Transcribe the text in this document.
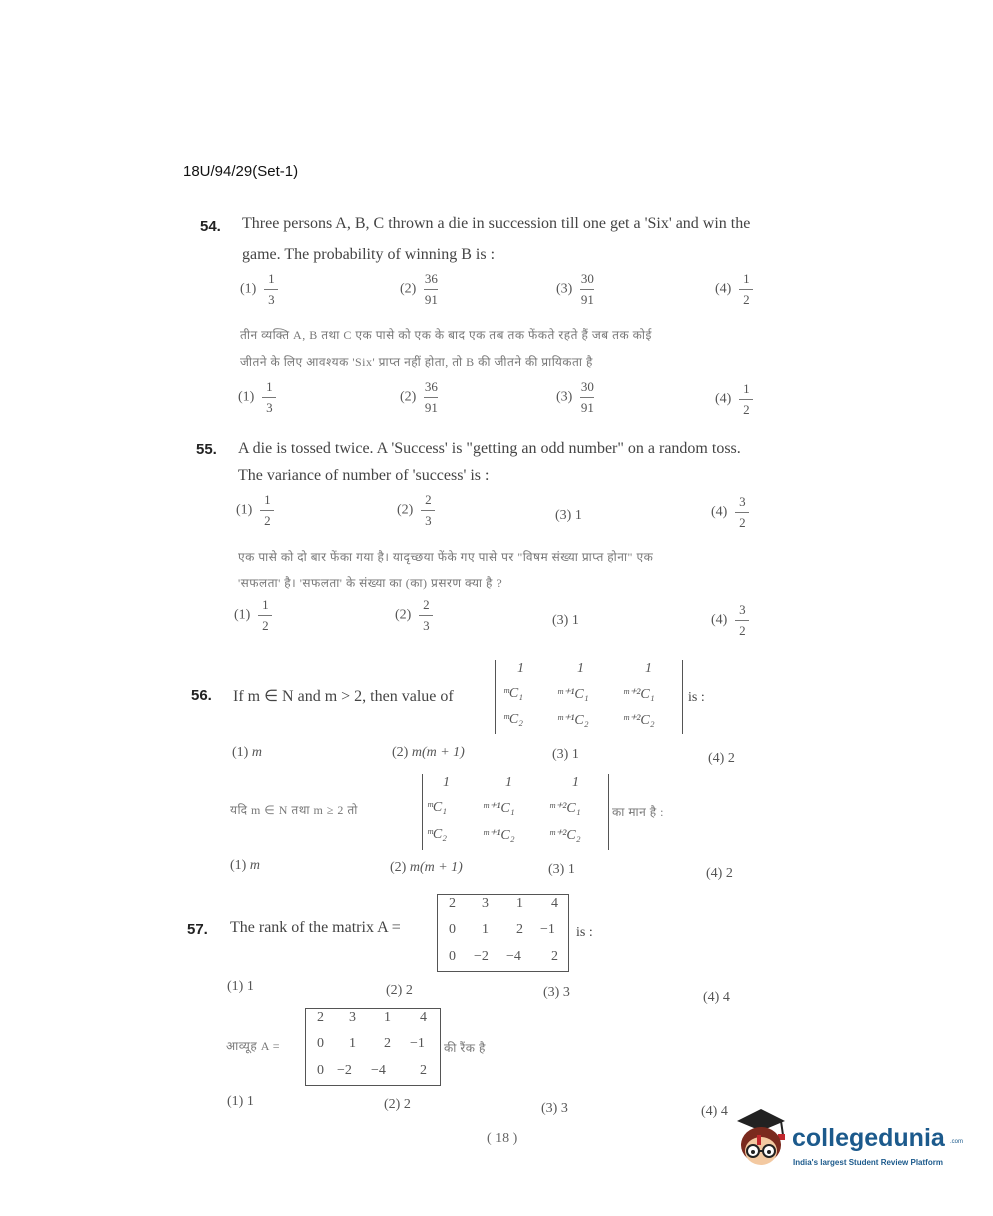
18U/94/29(Set-1)
54. Three persons A, B, C thrown a die in succession till one get a 'Six' and win the
game. The probability of winning B is :
$(1) \frac{1}{3}$	$(2) \frac{36}{91}$	$(3) \frac{30}{91}$	$(4) \frac{1}{2}$
तीन व्यक्ति A, B तथा C एक पासे को एक के बाद एक तब तक फेंकते रहते हैं जब तक कोई
जीतने के लिए आवश्यक 'Six' प्राप्त नहीं होता, तो B की जीतने की प्रायिकता है
$(1) \frac{1}{3}$	$(2) \frac{36}{91}$	$(3) \frac{30}{91}$	$(4) \frac{1}{2}$
55. A die is tossed twice. A 'Success' is "getting an odd number" on a random toss.
The variance of number of 'success' is :
$(1) \frac{1}{2}$	$(2) \frac{2}{3}$	(3) 1	$(4) \frac{3}{2}$
एक पासे को दो बार फेंका गया है। यादृच्छया फेंके गए पासे पर "विषम संख्या प्राप्त होना" एक
'सफलता' है। 'सफलता' के संख्या का (का) प्रसरण क्या है ?
$(1) \frac{1}{2}$	$(2) \frac{2}{3}$	(3) 1	$(4) \frac{3}{2}$
56. If m ∈ N and m > 2, then value of
1	1	1
ᵐC₁ ᵐ⁺¹C₁ ᵐ⁺²C₁
ᵐC₂ ᵐ⁺¹C₂ ᵐ⁺²C₂
is :
(1) m	(2) m(m + 1)	(3) 1	(4) 2
यदि m ∈ N तथा m ≥ 2 तो
1	1	1
ᵐC₁	ᵐ⁺¹C₁ ᵐ⁺²C₁
ᵐC₂	ᵐ⁺¹C₂ ᵐ⁺²C₂
का मान है :
(1) m	(2) m(m + 1)	(3) 1	(4) 2
57. The rank of the matrix A =
2 3 1 4
0 1 2 −1
0 −2 −4 2
is :
(1) 1	(2) 2	(3) 3	(4) 4
आव्यूह A =
2 3 1 4
0 1 2 −1
0 −2 −4 2
की रैंक है
(1) 1	(2) 2	(3) 3	(4) 4
( 18 )	collegedunia .com
India's largest Student Review Platform
